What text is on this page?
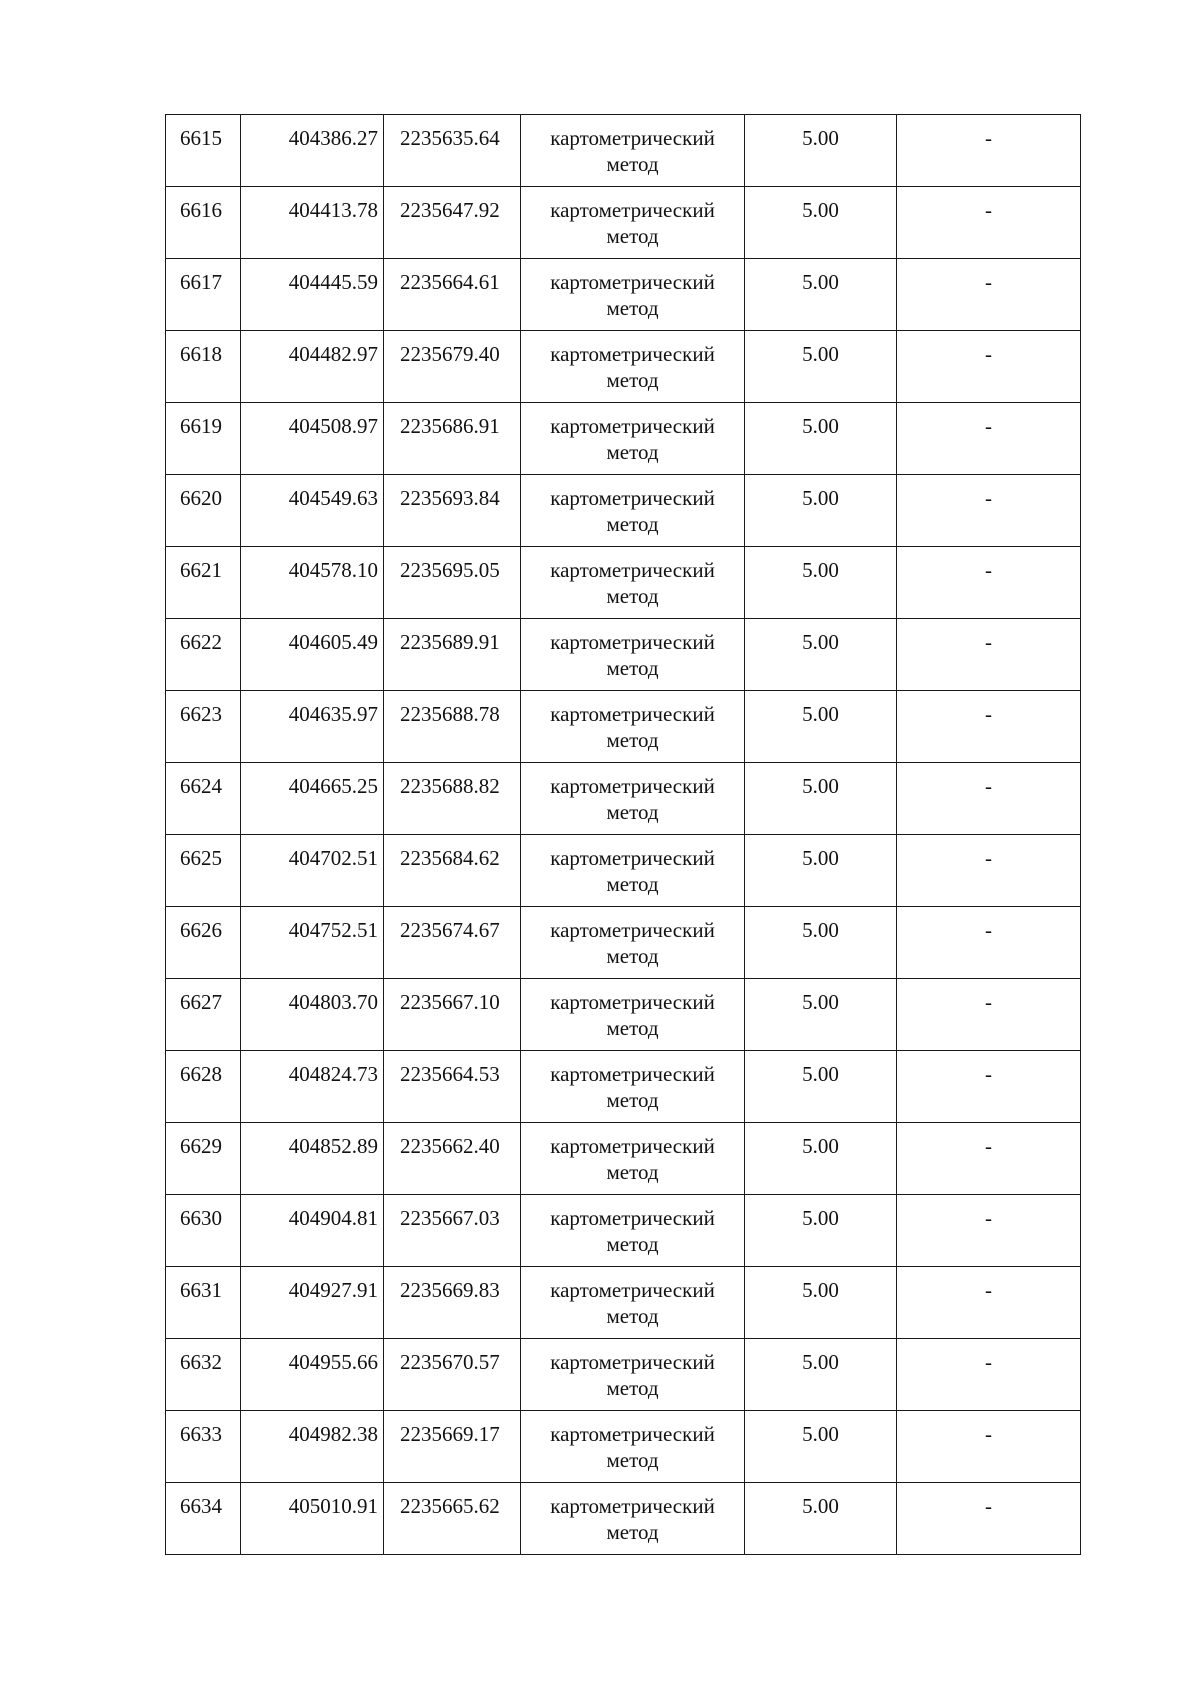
6615	404386.27	2235635.64	картометрический
метод	5.00	-
6616	404413.78	2235647.92	картометрический
метод	5.00	-
6617	404445.59	2235664.61	картометрический
метод	5.00	-
6618	404482.97	2235679.40	картометрический
метод	5.00	-
6619	404508.97	2235686.91	картометрический
метод	5.00	-
6620	404549.63	2235693.84	картометрический
метод	5.00	-
6621	404578.10	2235695.05	картометрический
метод	5.00	-
6622	404605.49	2235689.91	картометрический
метод	5.00	-
6623	404635.97	2235688.78	картометрический
метод	5.00	-
6624	404665.25	2235688.82	картометрический
метод	5.00	-
6625	404702.51	2235684.62	картометрический
метод	5.00	-
6626	404752.51	2235674.67	картометрический
метод	5.00	-
6627	404803.70	2235667.10	картометрический
метод	5.00	-
6628	404824.73	2235664.53	картометрический
метод	5.00	-
6629	404852.89	2235662.40	картометрический
метод	5.00	-
6630	404904.81	2235667.03	картометрический
метод	5.00	-
6631	404927.91	2235669.83	картометрический
метод	5.00	-
6632	404955.66	2235670.57	картометрический
метод	5.00	-
6633	404982.38	2235669.17	картометрический
метод	5.00	-
6634	405010.91	2235665.62	картометрический
метод	5.00	-
